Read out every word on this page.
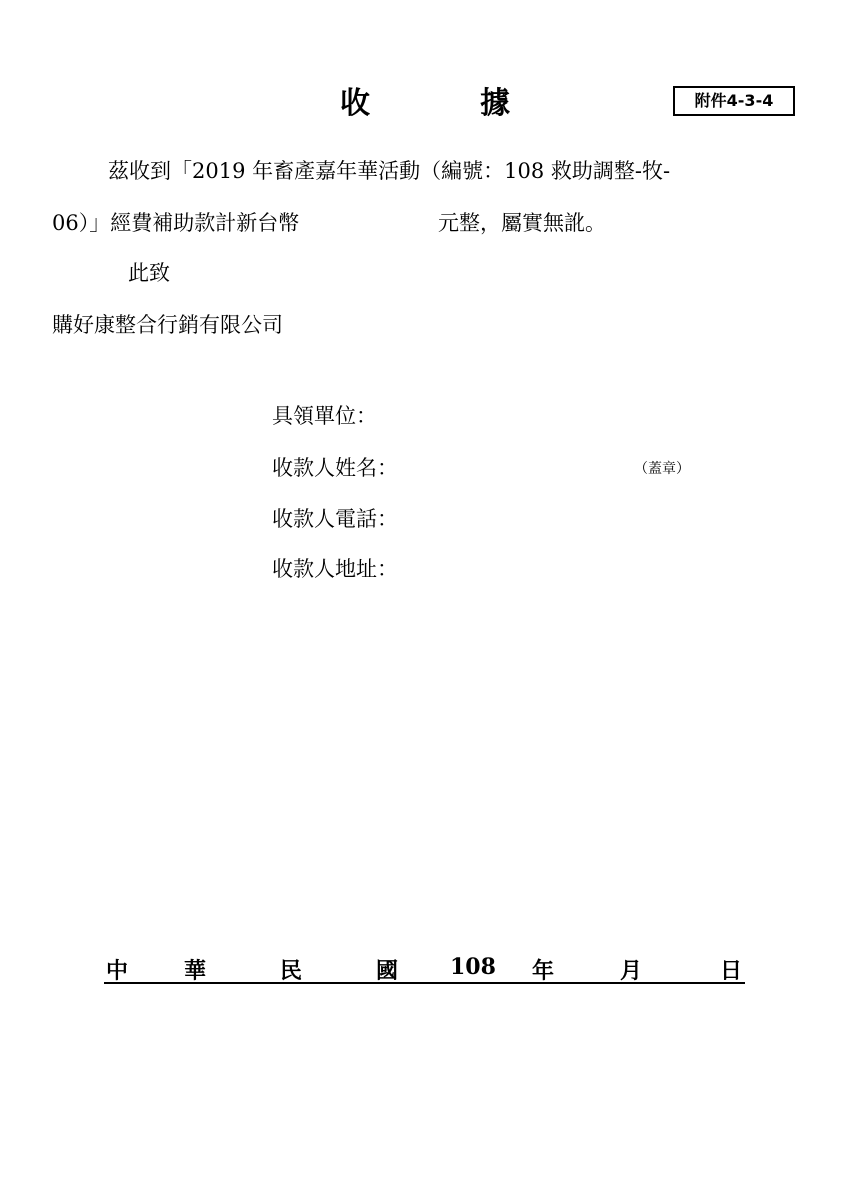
收	據	附件4-3-4
茲收到「2019 年畜產嘉年華活動（編號：108 救助調整-牧-
06）」經費補助款計新台幣	元整，屬實無訛。
此致
購好康整合行銷有限公司
具領單位：
收款人姓名：	（蓋章）
收款人電話：
收款人地址：
中	華	民	國 108 年	月	日
